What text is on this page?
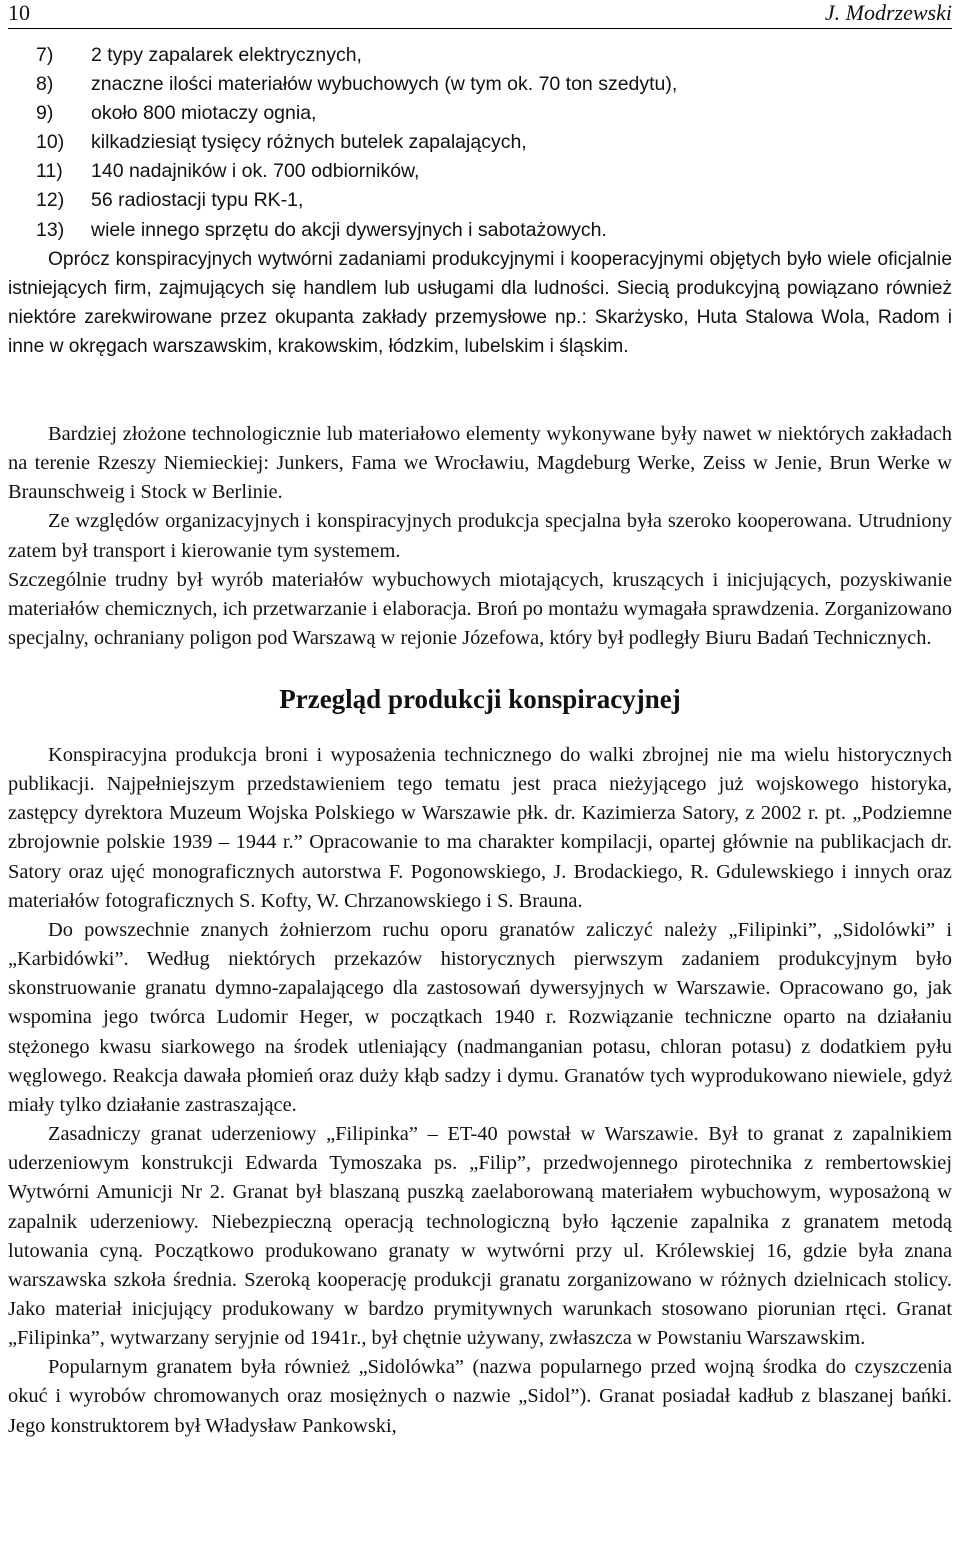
10	J. Modrzewski
7)	2 typy zapalarek elektrycznych,
8)	znaczne ilości materiałów wybuchowych (w tym ok. 70 ton szedytu),
9)	około 800 miotaczy ognia,
10)	kilkadziesiąt tysięcy różnych butelek zapalających,
11)	140 nadajników i ok. 700 odbiorników,
12)	56 radiostacji typu RK-1,
13)	wiele innego sprzętu do akcji dywersyjnych i sabotażowych.

Oprócz konspiracyjnych wytwórni zadaniami produkcyjnymi i kooperacyjnymi objętych było wiele oficjalnie istniejących firm, zajmujących się handlem lub usługami dla ludności. Siecią produkcyjną powiązano również niektóre zarekwirowane przez okupanta zakłady przemysłowe np.: Skarżysko, Huta Stalowa Wola, Radom i inne w okręgach warszawskim, krakowskim, łódzkim, lubelskim i śląskim.

Bardziej złożone technologicznie lub materiałowo elementy wykonywane były nawet w niektórych zakładach na terenie Rzeszy Niemieckiej: Junkers, Fama we Wrocławiu, Magdeburg Werke, Zeiss w Jenie, Brun Werke w Braunschweig i Stock w Berlinie.

Ze względów organizacyjnych i konspiracyjnych produkcja specjalna była szeroko kooperowana. Utrudniony zatem był transport i kierowanie tym systemem.

Szczególnie trudny był wyrób materiałów wybuchowych miotających, kruszących i inicjujących, pozyskiwanie materiałów chemicznych, ich przetwarzanie i elaboracja. Broń po montażu wymagała sprawdzenia. Zorganizowano specjalny, ochraniany poligon pod Warszawą w rejonie Józefowa, który był podległy Biuru Badań Technicznych.

Przegląd produkcji konspiracyjnej

Konspiracyjna produkcja broni i wyposażenia technicznego do walki zbrojnej nie ma wielu historycznych publikacji. Najpełniejszym przedstawieniem tego tematu jest praca nieżyjącego już wojskowego historyka, zastępcy dyrektora Muzeum Wojska Polskiego w Warszawie płk. dr. Kazimierza Satory, z 2002 r. pt. „Podziemne zbrojownie polskie 1939 – 1944 r.” Opracowanie to ma charakter kompilacji, opartej głównie na publikacjach dr. Satory oraz ujęć monograficznych autorstwa F. Pogonowskiego, J. Brodackiego, R. Gdulewskiego i innych oraz materiałów fotograficznych S. Kofty, W. Chrzanowskiego i S. Brauna.

Do powszechnie znanych żołnierzom ruchu oporu granatów zaliczyć należy „Filipinki”, „Sidolówki” i „Karbidówki”. Według niektórych przekazów historycznych pierwszym zadaniem produkcyjnym było skonstruowanie granatu dymno-zapalającego dla zastosowań dywersyjnych w Warszawie. Opracowano go, jak wspomina jego twórca Ludomir Heger, w początkach 1940 r. Rozwiązanie techniczne oparto na działaniu stężonego kwasu siarkowego na środek utleniający (nadmanganian potasu, chloran potasu) z dodatkiem pyłu węglowego. Reakcja dawała płomień oraz duży kłąb sadzy i dymu. Granatów tych wyprodukowano niewiele, gdyż miały tylko działanie zastraszające.

Zasadniczy granat uderzeniowy „Filipinka” – ET-40 powstał w Warszawie. Był to granat z zapalnikiem uderzeniowym konstrukcji Edwarda Tymoszaka ps. „Filip”, przedwojennego pirotechnika z rembertowskiej Wytwórni Amunicji Nr 2. Granat był blaszaną puszką zaelaborowaną materiałem wybuchowym, wyposażoną w zapalnik uderzeniowy. Niebezpieczną operacją technologiczną było łączenie zapalnika z granatem metodą lutowania cyną. Początkowo produkowano granaty w wytwórni przy ul. Królewskiej 16, gdzie była znana warszawska szkoła średnia. Szeroką kooperację produkcji granatu zorganizowano w różnych dzielnicach stolicy. Jako materiał inicjujący produkowany w bardzo prymitywnych warunkach stosowano piorunian rtęci. Granat „Filipinka”, wytwarzany seryjnie od 1941r., był chętnie używany, zwłaszcza w Powstaniu Warszawskim.

Popularnym granatem była również „Sidolówka” (nazwa popularnego przed wojną środka do czyszczenia okuć i wyrobów chromowanych oraz mosiężnych o nazwie „Sidol”). Granat posiadał kadłub z blaszanej bańki. Jego konstruktorem był Władysław Pankowski,
